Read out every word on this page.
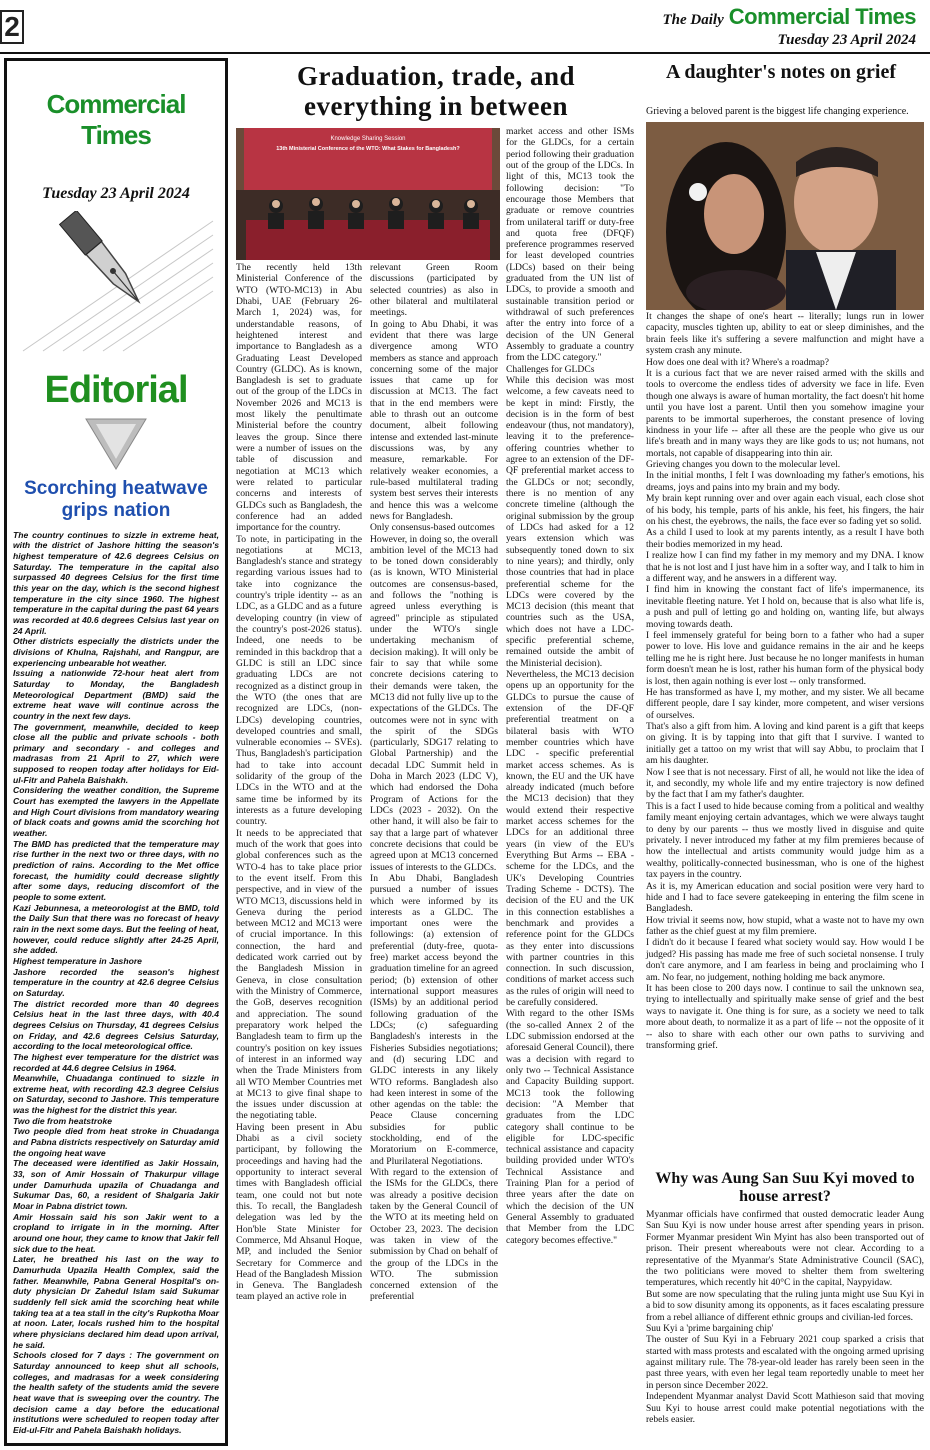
2	The Daily Commercial Times
Tuesday 23 April 2024
Commercial Times
Tuesday 23 April 2024
Editorial
Scorching heatwave grips nation

The country continues to sizzle in extreme heat, with the district of Jashore hitting the season's highest temperature of 42.6 degrees Celsius on Saturday. The temperature in the capital also surpassed 40 degrees Celsius for the first time this year on the day, which is the second highest temperature in the city since 1960. The highest temperature in the capital during the past 64 years was recorded at 40.6 degrees Celsius last year on 24 April.

Other districts especially the districts under the divisions of Khulna, Rajshahi, and Rangpur, are experiencing unbearable hot weather.

Issuing a nationwide 72-hour heat alert from Saturday to Monday, the Bangladesh Meteorological Department (BMD) said the extreme heat wave will continue across the country in the next few days.

The government, meanwhile, decided to keep close all the public and private schools - both primary and secondary - and colleges and madrasas from 21 April to 27, which were supposed to reopen today after holidays for Eid-ul-Fitr and Pahela Baishakh.

Considering the weather condition, the Supreme Court has exempted the lawyers in the Appellate and High Court divisions from mandatory wearing of black coats and gowns amid the scorching hot weather.

The BMD has predicted that the temperature may rise further in the next two or three days, with no prediction of rains. According to the Met office forecast, the humidity could decrease slightly after some days, reducing discomfort of the people to some extent.

Kazi Jebunnesa, a meteorologist at the BMD, told the Daily Sun that there was no forecast of heavy rain in the next some days. But the feeling of heat, however, could reduce slightly after 24-25 April, she added.

Highest temperature in Jashore

Jashore recorded the season's highest temperature in the country at 42.6 degree Celsius on Saturday.

The district recorded more than 40 degrees Celsius heat in the last three days, with 40.4 degrees Celsius on Thursday, 41 degrees Celsius on Friday, and 42.6 degrees Celsius Saturday, according to the local meteorological office.

The highest ever temperature for the district was recorded at 44.6 degree Celsius in 1964.

Meanwhile, Chuadanga continued to sizzle in extreme heat, with recording 42.3 degree Celsius on Saturday, second to Jashore. This temperature was the highest for the district this year.

Two die from heatstroke

Two people died from heat stroke in Chuadanga and Pabna districts respectively on Saturday amid the ongoing heat wave

The deceased were identified as Jakir Hossain, 33, son of Amir Hossain of Thakurpur village under Damurhuda upazila of Chuadanga and Sukumar Das, 60, a resident of Shalgaria Jakir Moar in Pabna district town.

Amir Hossain said his son Jakir went to a cropland to irrigate in in the morning. After around one hour, they came to know that Jakir fell sick due to the heat.

Later, he breathed his last on the way to Damurhuda Upazila Health Complex, said the father. Meanwhile, Pabna General Hospital's on-duty physician Dr Zahedul Islam said Sukumar suddenly fell sick amid the scorching heat while taking tea at a tea stall in the city's Rupkotha Moar at noon. Later, locals rushed him to the hospital where physicians declared him dead upon arrival, he said.

Schools closed for 7 days : The government on Saturday announced to keep shut all schools, colleges, and madrasas for a week considering the health safety of the students amid the severe heat wave that is sweeping over the country. The decision came a day before the educational institutions were scheduled to reopen today after Eid-ul-Fitr and Pahela Baishakh holidays.

Graduation, trade, and everything in between
Knowledge Sharing Session
13th Ministerial Conference of the WTO: What Stakes for Bangladesh?

The recently held 13th Ministerial Conference of the WTO (WTO-MC13) in Abu Dhabi, UAE (February 26-March 1, 2024) was, for understandable reasons, of heightened interest and importance to Bangladesh as a Graduating Least Developed Country (GLDC). As is known, Bangladesh is set to graduate out of the group of the LDCs in November 2026 and MC13 is most likely the penultimate Ministerial before the country leaves the group. Since there were a number of issues on the table of discussion and negotiation at MC13 which were related to particular concerns and interests of GLDCs such as Bangladesh, the conference had an added importance for the country.

To note, in participating in the negotiations at MC13, Bangladesh's stance and strategy regarding various issues had to take into cognizance the country's triple identity -- as an LDC, as a GLDC and as a future developing country (in view of the country's post-2026 status). Indeed, one needs to be reminded in this backdrop that a GLDC is still an LDC since graduating LDCs are not recognized as a distinct group in the WTO (the ones that are recognized are LDCs, (non-LDCs) developing countries, developed countries and small, vulnerable economies -- SVEs). Thus, Bangladesh's participation had to take into account solidarity of the group of the LDCs in the WTO and at the same time be informed by its interests as a future developing country.

It needs to be appreciated that much of the work that goes into global conferences such as the WTO-4 has to take place prior to the event itself. From this perspective, and in view of the WTO MC13, discussions held in Geneva during the period between MC12 and MC13 were of crucial importance. In this connection, the hard and dedicated work carried out by the Bangladesh Mission in Geneva, in close consultation with the Ministry of Commerce, the GoB, deserves recognition and appreciation. The sound preparatory work helped the Bangladesh team to firm up the country's position on key issues of interest in an informed way when the Trade Ministers from all WTO Member Countries met at MC13 to give final shape to the issues under discussion at the negotiating table.

Having been present in Abu Dhabi as a civil society participant, by following the proceedings and having had the opportunity to interact several times with Bangladesh official team, one could not but note this. To recall, the Bangladesh delegation was led by the Hon'ble State Minister for Commerce, Md Ahsanul Hoque, MP, and included the Senior Secretary for Commerce and Head of the Bangladesh Mission in Geneva. The Bangladesh team played an active role in

relevant Green Room discussions (participated by selected countries) as also in other bilateral and multilateral meetings.

In going to Abu Dhabi, it was evident that there was large divergence among WTO members as stance and approach concerning some of the major issues that came up for discussion at MC13. The fact that in the end members were able to thrash out an outcome document, albeit following intense and extended last-minute discussions was, by any measure, remarkable. For relatively weaker economies, a rule-based multilateral trading system best serves their interests and hence this was a welcome news for Bangladesh.

Only consensus-based outcomes

However, in doing so, the overall ambition level of the MC13 had to be toned down considerably (as is known, WTO Ministerial outcomes are consensus-based, and follows the "nothing is agreed unless everything is agreed" principle as stipulated under the WTO's single undertaking mechanism of decision making). It will only be fair to say that while some concrete decisions catering to their demands were taken, the MC13 did not fully live up to the expectations of the GLDCs. The outcomes were not in sync with the spirit of the SDGs (particularly, SDG17 relating to Global Partnership) and the decadal LDC Summit held in Doha in March 2023 (LDC V), which had endorsed the Doha Program of Actions for the LDCs (2023 - 2032). On the other hand, it will also be fair to say that a large part of whatever concrete decisions that could be agreed upon at MC13 concerned issues of interests to the GLDCs.

In Abu Dhabi, Bangladesh pursued a number of issues which were informed by its interests as a GLDC. The important ones were the followings: (a) extension of preferential (duty-free, quota-free) market access beyond the graduation timeline for an agreed period; (b) extension of other international support measures (ISMs) by an additional period following graduation of the LDCs; (c) safeguarding Bangladesh's interests in the Fisheries Subsidies negotiations; and (d) securing LDC and GLDC interests in any likely WTO reforms. Bangladesh also had keen interest in some of the other agendas on the table: the Peace Clause concerning subsidies for public stockholding, end of the Moratorium on E-commerce, and Plurilateral Negotiations.

With regard to the extension of the ISMs for the GLDCs, there was already a positive decision taken by the General Council of the WTO at its meeting held on October 23, 2023. The decision was taken in view of the submission by Chad on behalf of the group of the LDCs in the WTO. The submission concerned extension of the preferential

market access and other ISMs for the GLDCs, for a certain period following their graduation out of the group of the LDCs. In light of this, MC13 took the following decision: "To encourage those Members that graduate or remove countries from unilateral tariff or duty-free and quota free (DFQF) preference programmes reserved for least developed countries (LDCs) based on their being graduated from the UN list of LDCs, to provide a smooth and sustainable transition period or withdrawal of such preferences after the entry into force of a decision of the UN General Assembly to graduate a country from the LDC category."

Challenges for GLDCs

While this decision was most welcome, a few caveats need to be kept in mind: Firstly, the decision is in the form of best endeavour (thus, not mandatory), leaving it to the preference-offering countries whether to agree to an extension of the DF-QF preferential market access to the GLDCs or not; secondly, there is no mention of any concrete timeline (although the original submission by the group of LDCs had asked for a 12 years extension which was subsequently toned down to six to nine years); and thirdly, only those countries that had in place preferential scheme for the LDCs were covered by the MC13 decision (this meant that countries such as the USA, which does not have a LDC-specific preferential scheme, remained outside the ambit of the Ministerial decision).

Nevertheless, the MC13 decision opens up an opportunity for the GLDCs to pursue the cause of extension of the DF-QF preferential treatment on a bilateral basis with WTO member countries which have LDC - specific preferential market access schemes. As is known, the EU and the UK have already indicated (much before the MC13 decision) that they would extend their respective market access schemes for the LDCs for an additional three years (in view of the EU's Everything But Arms -- EBA - scheme for the LDCs, and the UK's Developing Countries Trading Scheme - DCTS). The decision of the EU and the UK in this connection establishes a benchmark and provides a reference point for the GLDCs as they enter into discussions with partner countries in this connection. In such discussion, conditions of market access such as the rules of origin will need to be carefully considered.

With regard to the other ISMs (the so-called Annex 2 of the LDC submission endorsed at the aforesaid General Council), there was a decision with regard to only two -- Technical Assistance and Capacity Building support. MC13 took the following decision: "A Member that graduates from the LDC category shall continue to be eligible for LDC-specific technical assistance and capacity building provided under WTO's Technical Assistance and Training Plan for a period of three years after the date on which the decision of the UN General Assembly to graduated that Member from the LDC category becomes effective."

A daughter's notes on grief
Grieving a beloved parent is the biggest life changing experience.

It changes the shape of one's heart -- literally; lungs run in lower capacity, muscles tighten up, ability to eat or sleep diminishes, and the brain feels like it's suffering a severe malfunction and might have a system crash any minute.

How does one deal with it? Where's a roadmap?

It is a curious fact that we are never raised armed with the skills and tools to overcome the endless tides of adversity we face in life. Even though one always is aware of human mortality, the fact doesn't hit home until you have lost a parent. Until then you somehow imagine your parents to be immortal superheroes, the constant presence of loving kindness in your life -- after all these are the people who give us our life's breath and in many ways they are like gods to us; not humans, not mortals, not capable of disappearing into thin air.

Grieving changes you down to the molecular level.

In the initial months, I felt I was downloading my father's emotions, his dreams, joys and pains into my brain and my body.

My brain kept running over and over again each visual, each close shot of his body, his temple, parts of his ankle, his feet, his fingers, the hair on his chest, the eyebrows, the nails, the face ever so fading yet so solid.

As a child I used to look at my parents intently, as a result I have both their bodies memorized in my head.

I realize how I can find my father in my memory and my DNA. I know that he is not lost and I just have him in a softer way, and I talk to him in a different way, and he answers in a different way.

I find him in knowing the constant fact of life's impermanence, its inevitable fleeting nature. Yet I hold on, because that is also what life is, a push and pull of letting go and holding on, wanting life, but always moving towards death.

I feel immensely grateful for being born to a father who had a super power to love. His love and guidance remains in the air and he keeps telling me he is right here. Just because he no longer manifests in human form doesn't mean he is lost, rather his human form of the physical body is lost, then again nothing is ever lost -- only transformed.

He has transformed as have I, my mother, and my sister. We all became different people, dare I say kinder, more competent, and wiser versions of ourselves.

That's also a gift from him. A loving and kind parent is a gift that keeps on giving. It is by tapping into that gift that I survive. I wanted to initially get a tattoo on my wrist that will say Abbu, to proclaim that I am his daughter.

Now I see that is not necessary. First of all, he would not like the idea of it, and secondly, my whole life and my entire trajectory is now defined by the fact that I am my father's daughter.

This is a fact I used to hide because coming from a political and wealthy family meant enjoying certain advantages, which we were always taught to deny by our parents -- thus we mostly lived in disguise and quite privately. I never introduced my father at my film premieres because of how the intellectual and artists community would judge him as a wealthy, politically-connected businessman, who is one of the highest tax payers in the country.

As it is, my American education and social position were very hard to hide and I had to face severe gatekeeping in entering the film scene in Bangladesh.

How trivial it seems now, how stupid, what a waste not to have my own father as the chief guest at my film premiere.

I didn't do it because I feared what society would say. How would I be judged? His passing has made me free of such societal nonsense. I truly don't care anymore, and I am fearless in being and proclaiming who I am. No fear, no judgement, nothing holding me back anymore.

It has been close to 200 days now. I continue to sail the unknown sea, trying to intellectually and spiritually make sense of grief and the best ways to navigate it. One thing is for sure, as a society we need to talk more about death, to normalize it as a part of life -- not the opposite of it -- also to share with each other our own paths to surviving and transforming grief.

Why was Aung San Suu Kyi moved to house arrest?

Myanmar officials have confirmed that ousted democratic leader Aung San Suu Kyi is now under house arrest after spending years in prison. Former Myanmar president Win Myint has also been transported out of prison. Their present whereabouts were not clear. According to a representative of the Myanmar's State Administrative Council (SAC), the two politicians were moved to shelter them from sweltering temperatures, which recently hit 40°C in the capital, Naypyidaw.

But some are now speculating that the ruling junta might use Suu Kyi in a bid to sow disunity among its opponents, as it faces escalating pressure from a rebel alliance of different ethnic groups and civilian-led forces.

Suu Kyi a 'prime bargaining chip'

The ouster of Suu Kyi in a February 2021 coup sparked a crisis that started with mass protests and escalated with the ongoing armed uprising against military rule. The 78-year-old leader has rarely been seen in the past three years, with even her legal team reportedly unable to meet her in person since December 2022.

Independent Myanmar analyst David Scott Mathieson said that moving Suu Kyi to house arrest could make potential negotiations with the rebels easier.
